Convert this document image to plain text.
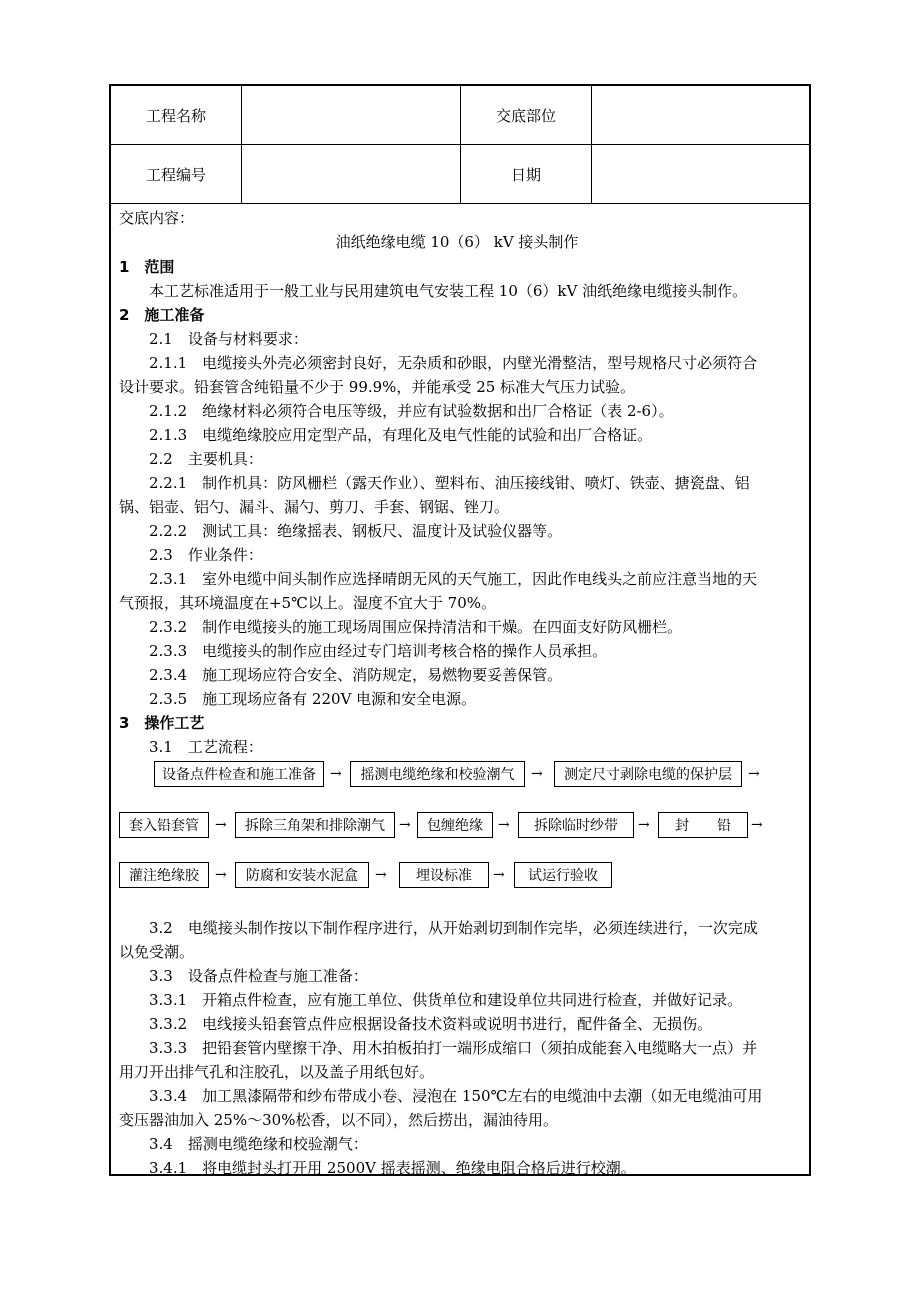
工程名称	交底部位
工程编号	日期
交底内容：
油纸绝缘电缆 10（6） kV 接头制作
1　范围
本工艺标准适用于一般工业与民用建筑电气安装工程 10（6）kV 油纸绝缘电缆接头制作。
2　施工准备
2.1　设备与材料要求：
2.1.1　电缆接头外壳必须密封良好，无杂质和砂眼，内壁光滑整洁，型号规格尺寸必须符合
设计要求。铅套管含纯铅量不少于 99.9%，并能承受 25 标准大气压力试验。
2.1.2　绝缘材料必须符合电压等级，并应有试验数据和出厂合格证（表 2-6）。
2.1.3　电缆绝缘胶应用定型产品，有理化及电气性能的试验和出厂合格证。
2.2　主要机具：
2.2.1　制作机具：防风栅栏（露天作业）、塑料布、油压接线钳、喷灯、铁壶、搪瓷盘、铝
锅、铝壶、铝勺、漏斗、漏勺、剪刀、手套、钢锯、锉刀。
2.2.2　测试工具：绝缘摇表、钢板尺、温度计及试验仪器等。
2.3　作业条件：
2.3.1　室外电缆中间头制作应选择晴朗无风的天气施工，因此作电线头之前应注意当地的天
气预报，其环境温度在+5℃以上。湿度不宜大于 70%。
2.3.2　制作电缆接头的施工现场周围应保持清洁和干燥。在四面支好防风栅栏。
2.3.3　电缆接头的制作应由经过专门培训考核合格的操作人员承担。
2.3.4　施工现场应符合安全、消防规定，易燃物要妥善保管。
2.3.5　施工现场应备有 220V 电源和安全电源。
3　操作工艺
3.1　工艺流程：
设备点件检查和施工准备	→	摇测电缆绝缘和校验潮气	→	测定尺寸剥除电缆的保护层	→
套入铅套管	→	拆除三角架和排除潮气	→	包缠绝缘	→	拆除临时纱带	→	封　　铅	→
灌注绝缘胶	→	防腐和安装水泥盒	→	埋设标准	→	试运行验收
3.2　电缆接头制作按以下制作程序进行，从开始剥切到制作完毕，必须连续进行，一次完成
以免受潮。
3.3　设备点件检查与施工准备：
3.3.1　开箱点件检查，应有施工单位、供货单位和建设单位共同进行检查，并做好记录。
3.3.2　电线接头铅套管点件应根据设备技术资料或说明书进行，配件备全、无损伤。
3.3.3　把铅套管内壁擦干净、用木拍板拍打一端形成缩口（须拍成能套入电缆略大一点）并
用刀开出排气孔和注胶孔，以及盖子用纸包好。
3.3.4　加工黑漆隔带和纱布带成小卷、浸泡在 150℃左右的电缆油中去潮（如无电缆油可用
变压器油加入 25%～30%松香，以不同），然后捞出，漏油待用。
3.4　摇测电缆绝缘和校验潮气：
3.4.1　将电缆封头打开用 2500V 摇表摇测、绝缘电阻合格后进行校潮。
